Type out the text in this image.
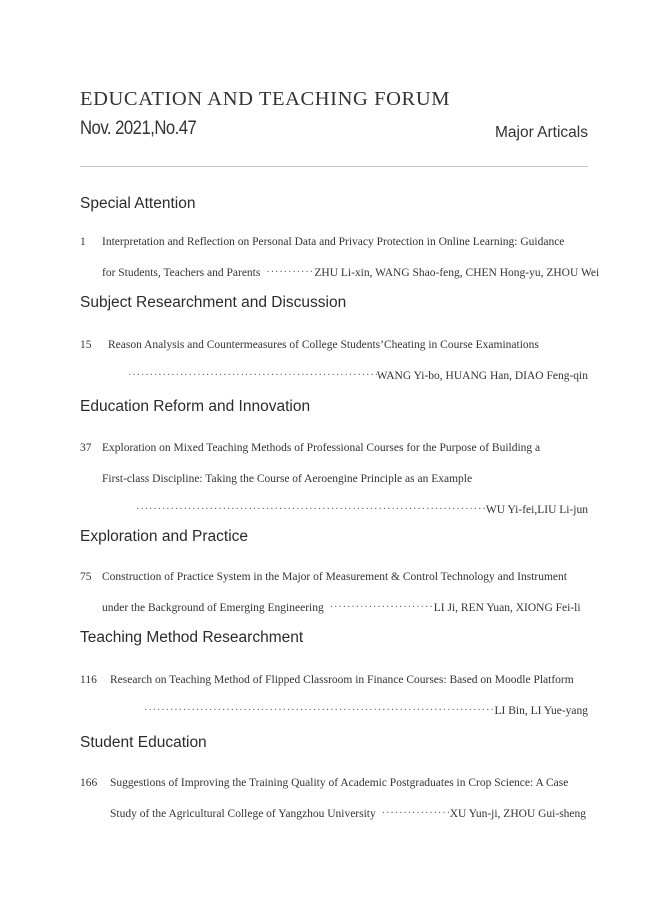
EDUCATION AND TEACHING FORUM
Nov. 2021,No.47	Major Articals
Special Attention
1 Interpretation and Reflection on Personal Data and Privacy Protection in Online Learning: Guidance
for Students, Teachers and Parents ·····	ZHU Li-xin, WANG Shao-feng, CHEN Hong-yu, ZHOU Wei
Subject Researchment and Discussion
15 Reason Analysis and Countermeasures of College Students’Cheating in Course Examinations
·····
WANG Yi-bo, HUANG Han, DIAO Feng-qin
Education Reform and Innovation
37 Exploration on Mixed Teaching Methods of Professional Courses for the Purpose of Building a
First-class Discipline: Taking the Course of Aeroengine Principle as an Example
·····
WU Yi-fei,LIU Li-jun
Exploration and Practice
75 Construction of Practice System in the Major of Measurement & Control Technology and Instrument
under the Background of Emerging Engineering ·····	LI Ji, REN Yuan, XIONG Fei-li
Teaching Method Researchment
116 Research on Teaching Method of Flipped Classroom in Finance Courses: Based on Moodle Platform
·····
LI Bin, LI Yue-yang
Student Education
166 Suggestions of Improving the Training Quality of Academic Postgraduates in Crop Science: A Case
Study of the Agricultural College of Yangzhou University ·····	XU Yun-ji, ZHOU Gui-sheng
